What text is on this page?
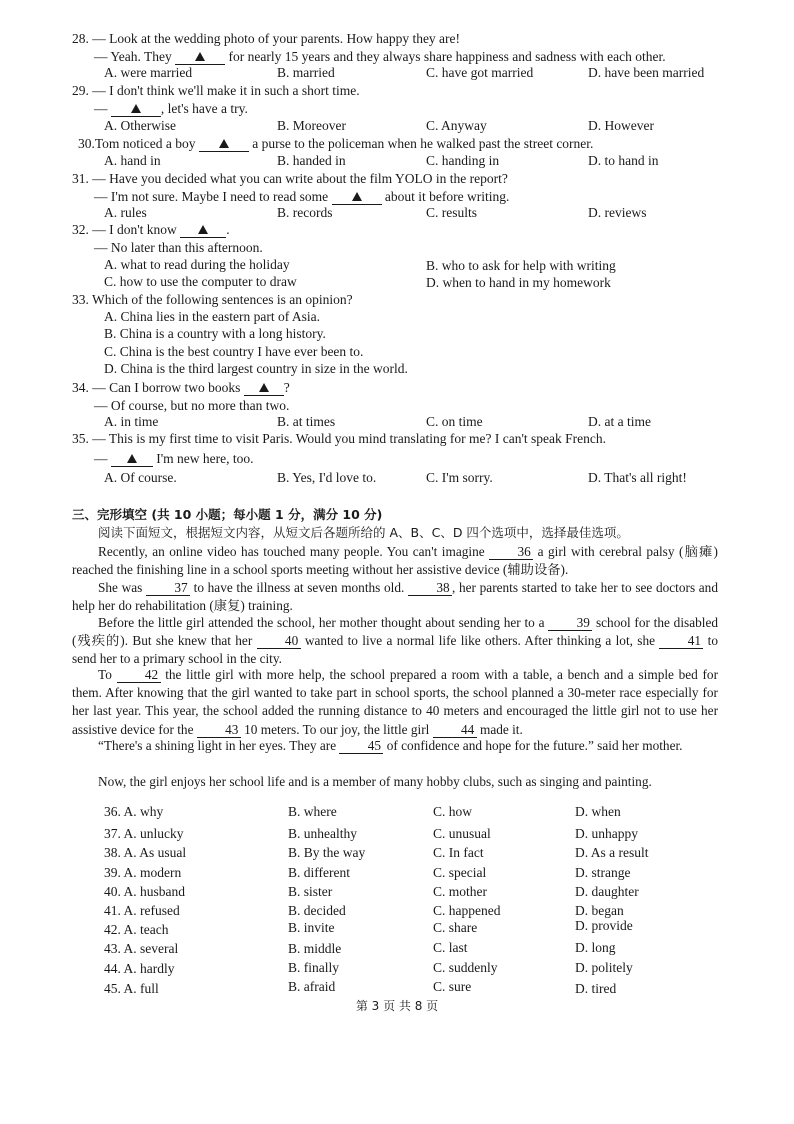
28. — Look at the wedding photo of your parents. How happy they are!
— Yeah. They	for nearly 15 years and they always share happiness and sadness with each other.
A. were married	B. married	C. have got married	D. have been married
29. — I don't think we'll make it in such a short time.
—	, let's have a try.
A. Otherwise	B. Moreover	C. Anyway	D. However
30.Tom noticed a boy	a purse to the policeman when he walked past the street corner.
A. hand in	B. handed in	C. handing in	D. to hand in
31. — Have you decided what you can write about the film YOLO in the report?
— I'm not sure. Maybe I need to read some	about it before writing.
A. rules	B. records	C. results	D. reviews
32. — I don't know	.
— No later than this afternoon.
A. what to read during the holiday	B. who to ask for help with writing
C. how to use the computer to draw	D. when to hand in my homework
33. Which of the following sentences is an opinion?
A. China lies in the eastern part of Asia.
B. China is a country with a long history.
C. China is the best country I have ever been to.
D. China is the third largest country in size in the world.
34. — Can I borrow two books	?
— Of course, but no more than two.
A. in time	B. at times	C. on time	D. at a time
35. — This is my first time to visit Paris. Would you mind translating for me? I can't speak French.
—	I'm new here, too.
A. Of course.	B. Yes, I'd love to.	C. I'm sorry.	D. That's all right!
三、完形填空 (共 10 小题；每小题 1 分，满分 10 分)
阅读下面短文，根据短文内容，从短文后各题所给的 A、B、C、D 四个选项中，选择最佳选项。
Recently, an online video has touched many people. You can't imagine 36 a girl with cerebral palsy (脑瘫) reached the finishing line in a school sports meeting without her assistive device (辅助设备).
She was 37 to have the illness at seven months old. 38 , her parents started to take her to see doctors and help her do rehabilitation (康复) training.
Before the little girl attended the school, her mother thought about sending her to a 39 school for the disabled (残疾的). But she knew that her 40 wanted to live a normal life like others. After thinking a lot, she 41 to send her to a primary school in the city.
To 42 the little girl with more help, the school prepared a room with a table, a bench and a simple bed for them. After knowing that the girl wanted to take part in school sports, the school planned a 30-meter race especially for her last year. This year, the school added the running distance to 40 meters and encouraged the little girl not to use her assistive device for the 43 10 meters. To our joy, the little girl 44 made it.
“There's a shining light in her eyes. They are 45 of confidence and hope for the future.” said her mother.
Now, the girl enjoys her school life and is a member of many hobby clubs, such as singing and painting.
36. A. why	B. where	C. how	D. when
37. A. unlucky	B. unhealthy	C. unusual	D. unhappy
38. A. As usual	B. By the way	C. In fact	D. As a result
39. A. modern	B. different	C. special	D. strange
40. A. husband	B. sister	C. mother	D. daughter
41. A. refused	B. decided	C. happened	D. began
42. A. teach	B. invite	C. share	D. provide
43. A. several	B. middle	C. last	D. long
44. A. hardly	B. finally	C. suddenly	D. politely
45. A. full	B. afraid	C. sure	D. tired
第 3 页 共 8 页
